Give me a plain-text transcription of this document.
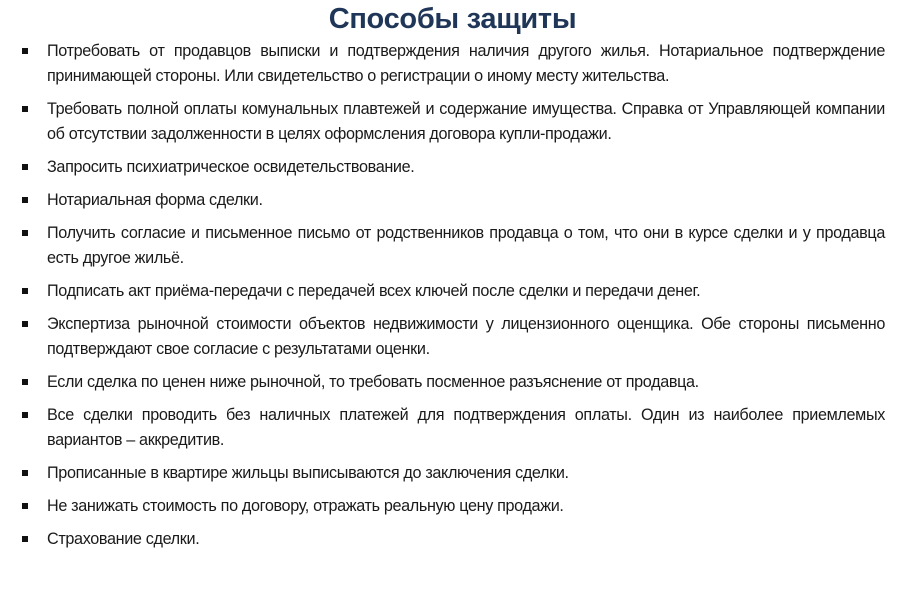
Способы защиты
Потребовать от продавцов выписки и подтверждения наличия другого жилья. Нотариальное подтверждение принимающей стороны. Или свидетельство о регистрации о иному месту жительства.
Требовать полной оплаты комунальных плавтежей и содержание имущества. Справка от Управляющей компании об отсутствии задолженности в целях оформсления договора купли-продажи.
Запросить психиатрическое освидетельствование.
Нотариальная форма сделки.
Получить согласие и письменное письмо от родственников продавца о том, что они в курсе сделки и у продавца есть другое жильё.
Подписать акт приёма-передачи с передачей всех ключей после сделки и передачи денег.
Экспертиза рыночной стоимости объектов недвижимости у лицензионного оценщика. Обе стороны письменно подтверждают свое согласие с результатами оценки.
Если сделка по ценен ниже рыночной, то требовать посменное разъяснение от продавца.
Все сделки проводить без наличных платежей для подтверждения оплаты. Один из наиболее приемлемых вариантов – аккредитив.
Прописанные в квартире жильцы выписываются до заключения сделки.
Не занижать стоимость по договору, отражать реальную цену продажи.
Страхование сделки.
